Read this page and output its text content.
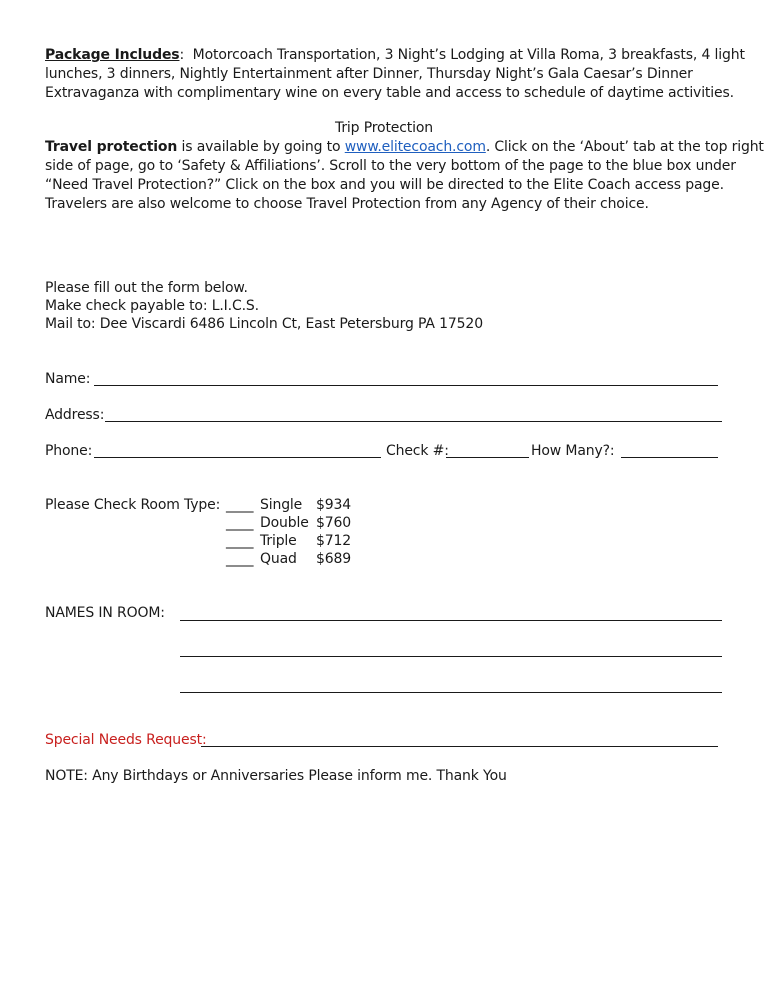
Package Includes: Motorcoach Transportation, 3 Night’s Lodging at Villa Roma, 3 breakfasts, 4 light
lunches, 3 dinners, Nightly Entertainment after Dinner, Thursday Night’s Gala Caesar’s Dinner
Extravaganza with complimentary wine on every table and access to schedule of daytime activities.
Trip Protection
Travel protection is available by going to www.elitecoach.com. Click on the ‘About’ tab at the top right
side of page, go to ‘Safety & Affiliations’. Scroll to the very bottom of the page to the blue box under
“Need Travel Protection?” Click on the box and you will be directed to the Elite Coach access page.
Travelers are also welcome to choose Travel Protection from any Agency of their choice.
Please fill out the form below.
Make check payable to: L.I.C.S.
Mail to: Dee Viscardi 6486 Lincoln Ct, East Petersburg PA 17520
Name:
Address:
Phone:	Check #:	How Many?:
Please Check Room Type: ____ Single $934
____ Double $760
____ Triple $712
____ Quad $689
NAMES IN ROOM:
Special Needs Request:
NOTE: Any Birthdays or Anniversaries Please inform me. Thank You
